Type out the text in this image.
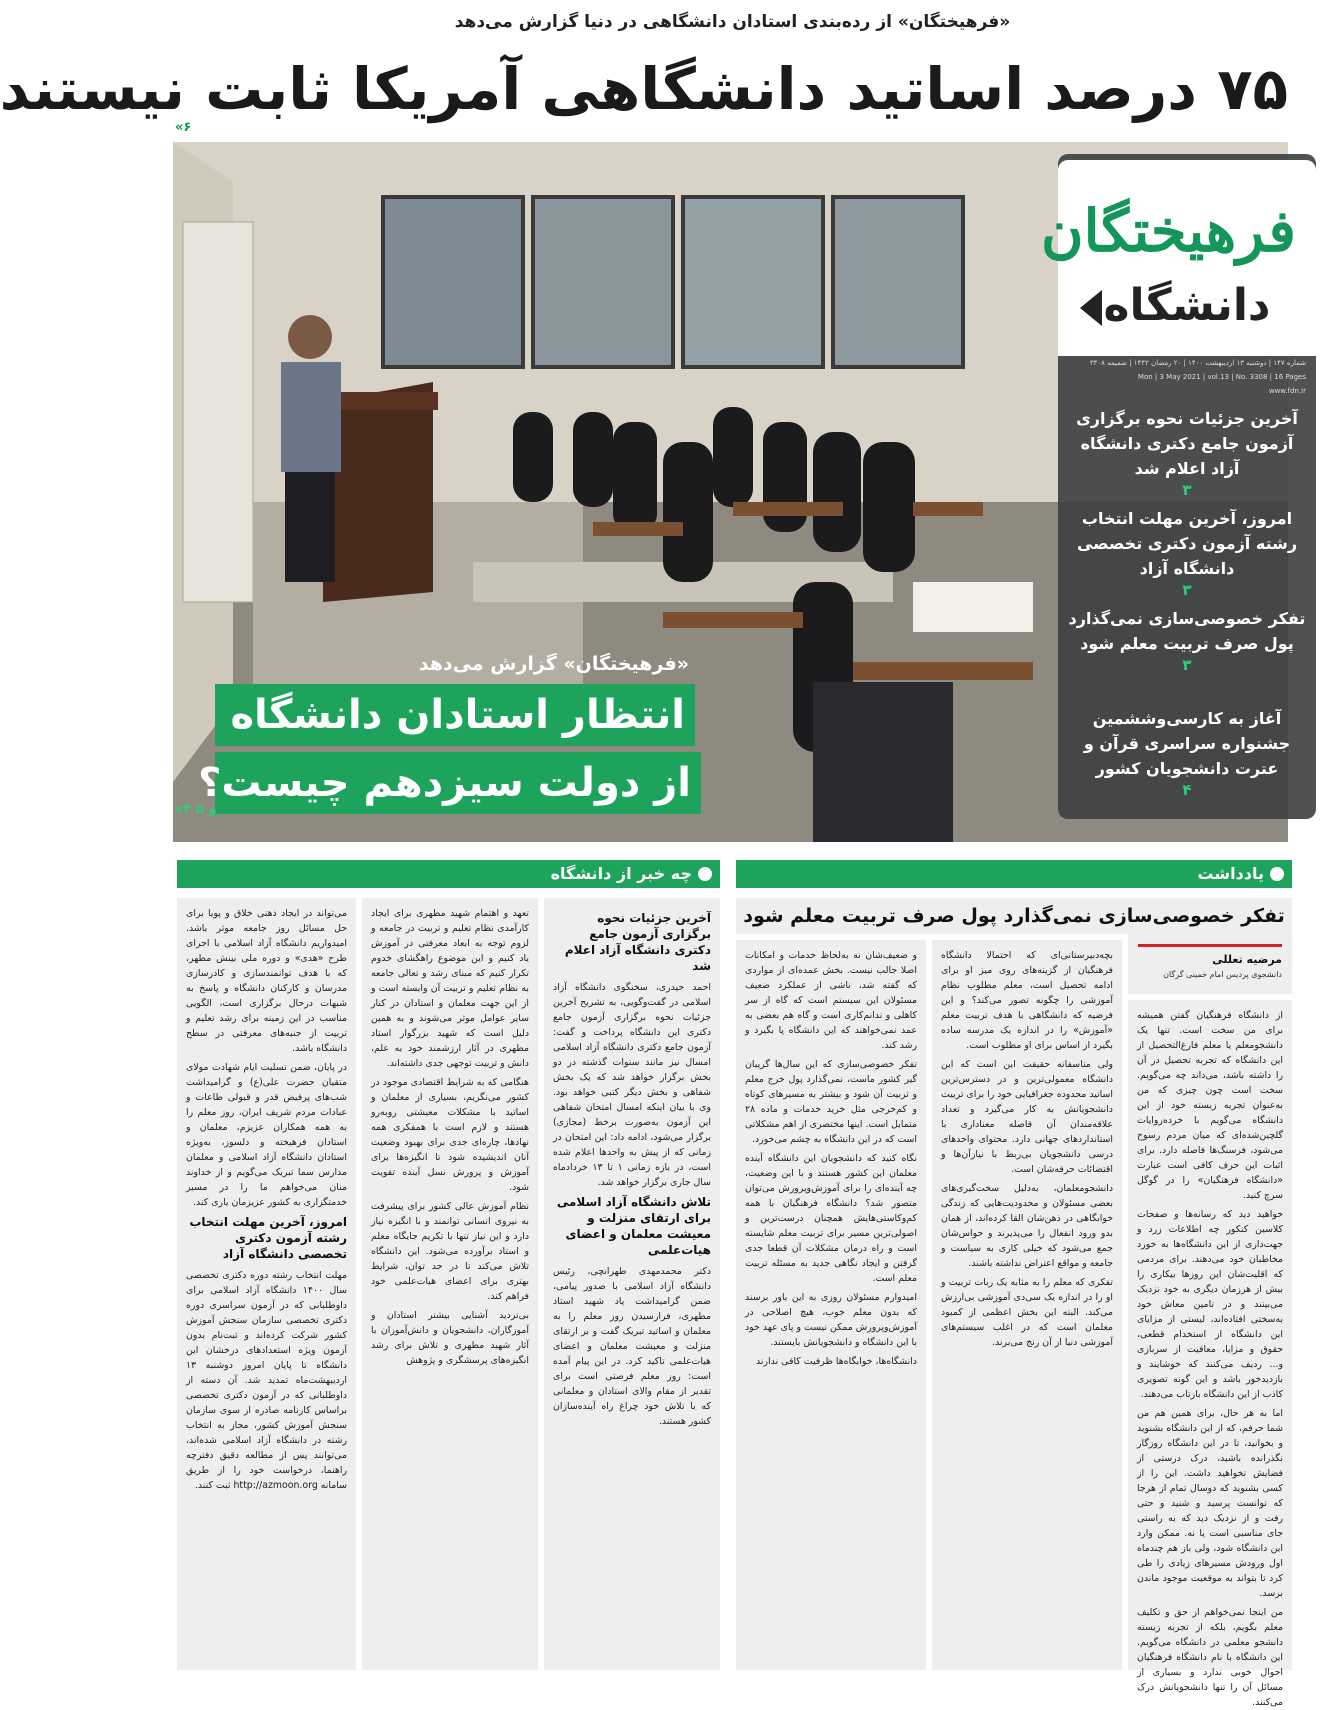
«فرهیختگان» از رده‌بندی استادان دانشگاهی در دنیا گزارش می‌دهد
۷۵ درصد اساتید دانشگاهی آمریکا ثابت نیستند
«۶
فرهیختگان
دانشگاه
شماره ۱۴۷ | دوشنبه ۱۳ اردیبهشت ۱۴۰۰ | ۲۰ رمضان ۱۴۴۲ | ضمیمه ۳۳۰۸
Mon | 3 May 2021 | vol.13 | No. 3308 | 16 Pages
www.fdn.ir
آخرین جزئیات نحوه برگزاری آزمون جامع دکتری دانشگاه آزاد اعلام شد
۳
امروز، آخرین مهلت انتخاب رشته آزمون دکتری تخصصی دانشگاه آزاد
۳
تفکر خصوصی‌سازی نمی‌گذارد پول صرف تربیت معلم شود
۳
آغاز به کارسی‌وششمین جشنواره سراسری قرآن و عترت دانشجویان کشور
۴
«فرهیختگان» گزارش می‌دهد
انتظار استادان دانشگاه
از دولت سیزدهم چیست؟
«۴ و ۵
یادداشت
چه خبر از دانشگاه
تفکر خصوصی‌سازی نمی‌گذارد پول صرف تربیت معلم شود
مرضیه تعللی
دانشجوی پردیس امام خمینی گرگان

از دانشگاه فرهنگیان گفتن همیشه برای من سخت است. تنها یک دانشجومعلم یا معلم فارغ‌التحصیل از این دانشگاه که تجربه تحصیل در آن را داشته باشد، می‌داند چه می‌گویم. سخت است چون چیزی که من به‌عنوان تجربه زیسته خود از این دانشگاه می‌گویم با خرده‌روایات گلچین‌شده‌ای که میان مردم رسوخ می‌شود، فرسنگ‌ها فاصله دارد. برای اثبات این حرف کافی است عبارت «دانشگاه فرهنگیان» را در گوگل سرچ کنید.

خواهید دید که رسانه‌ها و صفحات کلاسین کنکور چه اطلاعات زرد و جهت‌داری از این دانشگاه‌ها به خورد مخاطبان خود می‌دهند. برای مردمی که اقلیت‌شان این روزها بیکاری را بیش از هرزمان دیگری به خود نزدیک می‌بینند و در تامین معاش خود به‌سختی افتاده‌اند، لیستی از مزایای این دانشگاه از استخدام قطعی، حقوق و مزایا، معافیت از سربازی و... ردیف می‌کنند که خوشایند و بازدیدخور باشد و این گونه تصویری کاذب از این دانشگاه بازتاب می‌دهند.

اما به هر حال، برای همین هم من شما حرفم، که از این دانشگاه بشنوید و بخوانید، تا در این دانشگاه روزگار نگذرانده باشید، درک درستی از فضایش نخواهید داشت. این را از کسی بشنوید که دوسال تمام از هرجا که توانست پرسید و شنید و حتی رفت و از نزدیک دید که به راستی جای مناسبی است یا نه. ممکن وارد این دانشگاه شود، ولی باز هم چندماه اول ورودش مسیرهای زیادی را طی کرد تا بتواند به موقعیت موجود ماندن برسد.

من اینجا نمی‌خواهم از حق و تکلیف معلم بگویم، بلکه از تجربه زیسته دانشجو معلمی در دانشگاه می‌گویم. این دانشگاه با نام دانشگاه فرهنگیان احوال خوبی ندارد و بسیاری از مسائل آن را تنها دانشجویانش درک می‌کنند.

بچه‌دبیرستانی‌ای که احتمالا دانشگاه فرهنگیان از گزینه‌های روی میز او برای ادامه تحصیل است، معلم مطلوب نظام آموزشی را چگونه تصور می‌کند؟ و این فرضیه که دانشگاهی با هدف تربیت معلم «آموزش» را در اندازه یک مدرسه ساده بگیرد از اساس برای او مطلوب است.

ولی متاسفانه حقیقت این است که این دانشگاه معمولی‌ترین و در دسترس‌ترین اساتید محدوده جغرافیایی خود را برای تربیت دانشجویانش به کار می‌گیرد و تعداد علاقه‌مندان آن فاصله معناداری با استانداردهای جهانی دارد. محتوای واحدهای درسی دانشجویان بی‌ربط با نیازآن‌ها و اقتضائات حرفه‌شان است.

دانشجومعلمان، به‌دلیل سخت‌گیری‌های بعضی مسئولان و محدودیت‌هایی که زندگی خوابگاهی در ذهن‌شان القا کرده‌اند، از همان بدو ورود انفعال را می‌پذیرند و حواس‌شان جمع می‌شود که خیلی کاری به سیاست و جامعه و مواقع اعتراض نداشته باشند.

تفکری که معلم را به مثابه یک ربات تربیت و او را در اندازه یک سی‌دی آموزشی بی‌ارزش می‌کند. البته این بخش اعظمی از کمبود معلمان است که در اغلب سیستم‌های آموزشی دنیا از آن رنج می‌برند.

و ضعیف‌شان نه به‌لحاظ خدمات و امکانات اصلا جالب نیست. بخش عمده‌ای از مواردی که گفته شد، ناشی از عملکرد ضعیف مسئولان این سیستم است که گاه از سر کاهلی و ندانم‌کاری است و گاه هم بعضی به عمد نمی‌خواهند که این دانشگاه پا بگیرد و رشد کند.

تفکر خصوصی‌سازی که این سال‌ها گریبان گیر کشور ماست، نمی‌گذارد پول خرج معلم و تربیت آن شود و بیشتر به مسیرهای کوتاه و کم‌خرجی مثل خرید خدمات و ماده ۲۸ متمایل است. اینها مختصری از اهم مشکلاتی است که در این دانشگاه به چشم می‌خورد.

نگاه کنید که دانشجویان این دانشگاه آینده معلمان این کشور هستند و با این وضعیت، چه آینده‌ای را برای آموزش‌وپرورش می‌توان متصور شد؟ دانشگاه فرهنگیان با همه کم‌وکاستی‌هایش همچنان درست‌ترین و اصولی‌ترین مسیر برای تربیت معلم شایسته است و راه درمان مشکلات آن قطعا جدی گرفتن و ایجاد نگاهی جدید به مسئله تربیت معلم است.

امیدوارم مسئولان روزی به این باور برسند که بدون معلم خوب، هیچ اصلاحی در آموزش‌وپرورش ممکن نیست و پای عهد خود با این دانشگاه و دانشجویانش بایستند.

دانشگاه‌ها، خوابگاه‌ها ظرفیت کافی ندارند

آخرین جزئیات نحوه برگزاری آزمون جامع دکتری دانشگاه آزاد اعلام شد

احمد حیدری، سخنگوی دانشگاه آزاد اسلامی در گفت‌وگویی، به تشریح آخرین جزئیات نحوه برگزاری آزمون جامع دکتری این دانشگاه پرداخت و گفت: آزمون جامع دکتری دانشگاه آزاد اسلامی امسال نیز مانند سنوات گذشته در دو بخش برگزار خواهد شد که یک بخش شفاهی و بخش دیگر کتبی خواهد بود. وی با بیان اینکه امسال امتحان شفاهی این آزمون به‌صورت برخط (مجازی) برگزار می‌شود، ادامه داد: این امتحان در زمانی که از پیش به واحدها اعلام شده است، در بازه زمانی ۱ تا ۱۳ خردادماه سال جاری برگزار خواهد شد.

تلاش دانشگاه آزاد اسلامی برای ارتقای منزلت و معیشت معلمان و اعضای هیات‌علمی

دکتر محمدمهدی طهرانچی، رئیس دانشگاه آزاد اسلامی با صدور پیامی، ضمن گرامیداشت یاد شهید استاد مطهری، فرارسیدن روز معلم را به معلمان و اساتید تبریک گفت و بر ارتقای منزلت و معیشت معلمان و اعضای هیات‌علمی تاکید کرد. در این پیام آمده است: روز معلم فرصتی است برای تقدیر از مقام والای استادان و معلمانی که با تلاش خود چراغ راه آینده‌سازان کشور هستند.

تعهد و اهتمام شهید مطهری برای ایجاد کارآمدی نظام تعلیم و تربیت در جامعه و لزوم توجه به ابعاد معرفتی در آموزش یاد کنیم و این موضوع راهگشای خدوم تکرار کنیم که مبنای رشد و تعالی جامعه به نظام تعلیم و تربیت آن وابسته است و از این جهت معلمان و استادان در کنار سایر عوامل موثر می‌شوند و به همین دلیل است که شهید بزرگوار استاد مطهری در آثار ارزشمند خود به علم، دانش و تربیت توجهی جدی داشته‌اند.

هنگامی که به شرایط اقتصادی موجود در کشور می‌نگریم، بسیاری از معلمان و اساتید با مشکلات معیشتی روبه‌رو هستند و لازم است با همفکری همه نهادها، چاره‌ای جدی برای بهبود وضعیت آنان اندیشیده شود تا انگیزه‌ها برای آموزش و پرورش نسل آینده تقویت شود.

نظام آموزش عالی کشور برای پیشرفت به نیروی انسانی توانمند و با انگیزه نیاز دارد و این نیاز تنها با تکریم جایگاه معلم و استاد برآورده می‌شود. این دانشگاه تلاش می‌کند تا در حد توان، شرایط بهتری برای اعضای هیات‌علمی خود فراهم کند.

بی‌تردید آشنایی بیشتر استادان و آموزگاران، دانشجویان و دانش‌آموزان با آثار شهید مطهری و تلاش برای رشد انگیزه‌های پرسشگری و پژوهش

می‌تواند در ایجاد ذهنی خلاق و پویا برای حل مسائل روز جامعه موثر باشد. امیدواریم دانشگاه آزاد اسلامی با اجرای طرح «هدی» و دوره ملی بینش مطهر، که با هدف توانمندسازی و کادرسازی مدرسان و کارکنان دانشگاه و پاسخ به شبهات درحال برگزاری است، الگویی مناسب در این زمینه برای رشد تعلیم و تربیت از جنبه‌های معرفتی در سطح دانشگاه باشد.

در پایان، ضمن تسلیت ایام شهادت مولای متقیان حضرت علی(ع) و گرامیداشت شب‌های پرفیض قدر و قبولی طاعات و عبادات مردم شریف ایران، روز معلم را به همه همکاران عزیزم، معلمان و استادان فرهیخته و دلسوز، به‌ویژه استادان دانشگاه آزاد اسلامی و معلمان مدارس سما تبریک می‌گویم و از خداوند منان می‌خواهم ما را در مسیر خدمتگزاری به کشور عزیزمان یاری کند.

امروز، آخرین مهلت انتخاب رشته آزمون دکتری تخصصی دانشگاه آزاد

مهلت انتخاب رشته دوره دکتری تخصصی سال ۱۴۰۰ دانشگاه آزاد اسلامی برای داوطلبانی که در آزمون سراسری دوره دکتری تخصصی سازمان سنجش آموزش کشور شرکت کرده‌اند و ثبت‌نام بدون آزمون ویژه استعدادهای درخشان این دانشگاه تا پایان امروز دوشنبه ۱۳ اردیبهشت‌ماه تمدید شد. آن دسته از داوطلبانی که در آزمون دکتری تخصصی براساس کارنامه صادره از سوی سازمان سنجش آموزش کشور، مجاز به انتخاب رشته در دانشگاه آزاد اسلامی شده‌اند، می‌توانند پس از مطالعه دقیق دفترچه راهنما، درخواست خود را از طریق سامانه http://azmoon.org ثبت کنند.
